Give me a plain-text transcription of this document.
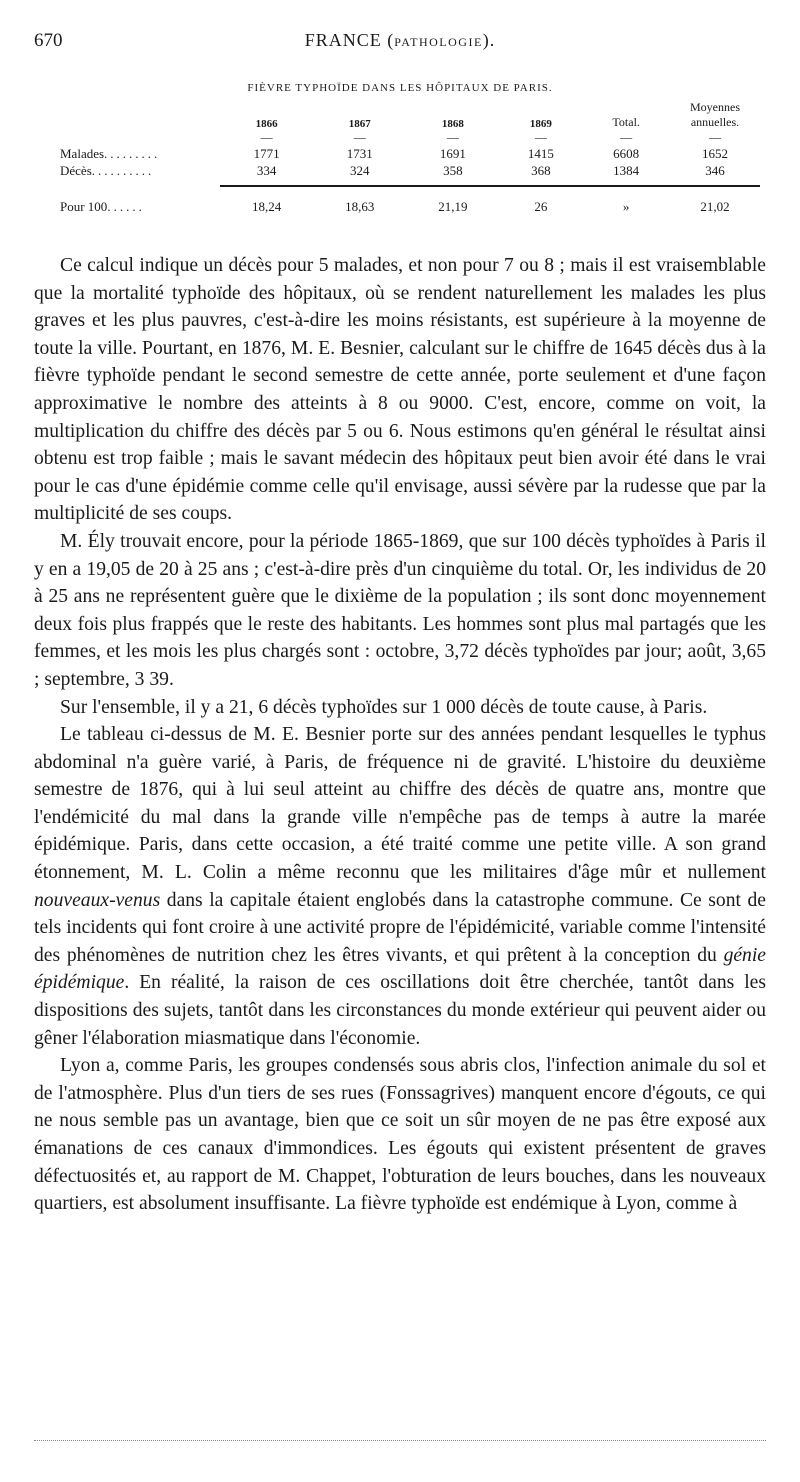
670	FRANCE (PATHOLOGIE).
FIÈVRE TYPHOÏDE DANS LES HÔPITAUX DE PARIS.
	1866	1867	1868	1869	Total.	Moyennes annuelles.
	—	—	—	—	—	—
Malades.........	1771	1731	1691	1415	6608	1652
Décès..........	334	324	358	368	1384	346

Pour 100......	18,24	18,63	21,19	26	»	21,02

Ce calcul indique un décès pour 5 malades, et non pour 7 ou 8 ; mais il est vraisemblable que la mortalité typhoïde des hôpitaux, où se rendent naturellement les malades les plus graves et les plus pauvres, c'est-à-dire les moins résistants, est supérieure à la moyenne de toute la ville. Pourtant, en 1876, M. E. Besnier, calculant sur le chiffre de 1645 décès dus à la fièvre typhoïde pendant le second semestre de cette année, porte seulement et d'une façon approximative le nombre des atteints à 8 ou 9000. C'est, encore, comme on voit, la multiplication du chiffre des décès par 5 ou 6. Nous estimons qu'en général le résultat ainsi obtenu est trop faible ; mais le savant médecin des hôpitaux peut bien avoir été dans le vrai pour le cas d'une épidémie comme celle qu'il envisage, aussi sévère par la rudesse que par la multiplicité de ses coups.

M. Ély trouvait encore, pour la période 1865-1869, que sur 100 décès typhoïdes à Paris il y en a 19,05 de 20 à 25 ans ; c'est-à-dire près d'un cinquième du total. Or, les individus de 20 à 25 ans ne représentent guère que le dixième de la population ; ils sont donc moyennement deux fois plus frappés que le reste des habitants. Les hommes sont plus mal partagés que les femmes, et les mois les plus chargés sont : octobre, 3,72 décès typhoïdes par jour; août, 3,65 ; septembre, 3 39.

Sur l'ensemble, il y a 21, 6 décès typhoïdes sur 1 000 décès de toute cause, à Paris.

Le tableau ci-dessus de M. E. Besnier porte sur des années pendant lesquelles le typhus abdominal n'a guère varié, à Paris, de fréquence ni de gravité. L'histoire du deuxième semestre de 1876, qui à lui seul atteint au chiffre des décès de quatre ans, montre que l'endémicité du mal dans la grande ville n'empêche pas de temps à autre la marée épidémique. Paris, dans cette occasion, a été traité comme une petite ville. A son grand étonnement, M. L. Colin a même reconnu que les militaires d'âge mûr et nullement nouveaux-venus dans la capitale étaient englobés dans la catastrophe commune. Ce sont de tels incidents qui font croire à une activité propre de l'épidémicité, variable comme l'intensité des phénomènes de nutrition chez les êtres vivants, et qui prêtent à la conception du génie épidémique. En réalité, la raison de ces oscillations doit être cherchée, tantôt dans les dispositions des sujets, tantôt dans les circonstances du monde extérieur qui peuvent aider ou gêner l'élaboration miasmatique dans l'économie.

Lyon a, comme Paris, les groupes condensés sous abris clos, l'infection animale du sol et de l'atmosphère. Plus d'un tiers de ses rues (Fonssagrives) manquent encore d'égouts, ce qui ne nous semble pas un avantage, bien que ce soit un sûr moyen de ne pas être exposé aux émanations de ces canaux d'immondices. Les égouts qui existent présentent de graves défectuosités et, au rapport de M. Chappet, l'obturation de leurs bouches, dans les nouveaux quartiers, est absolument insuffisante. La fièvre typhoïde est endémique à Lyon, comme à
